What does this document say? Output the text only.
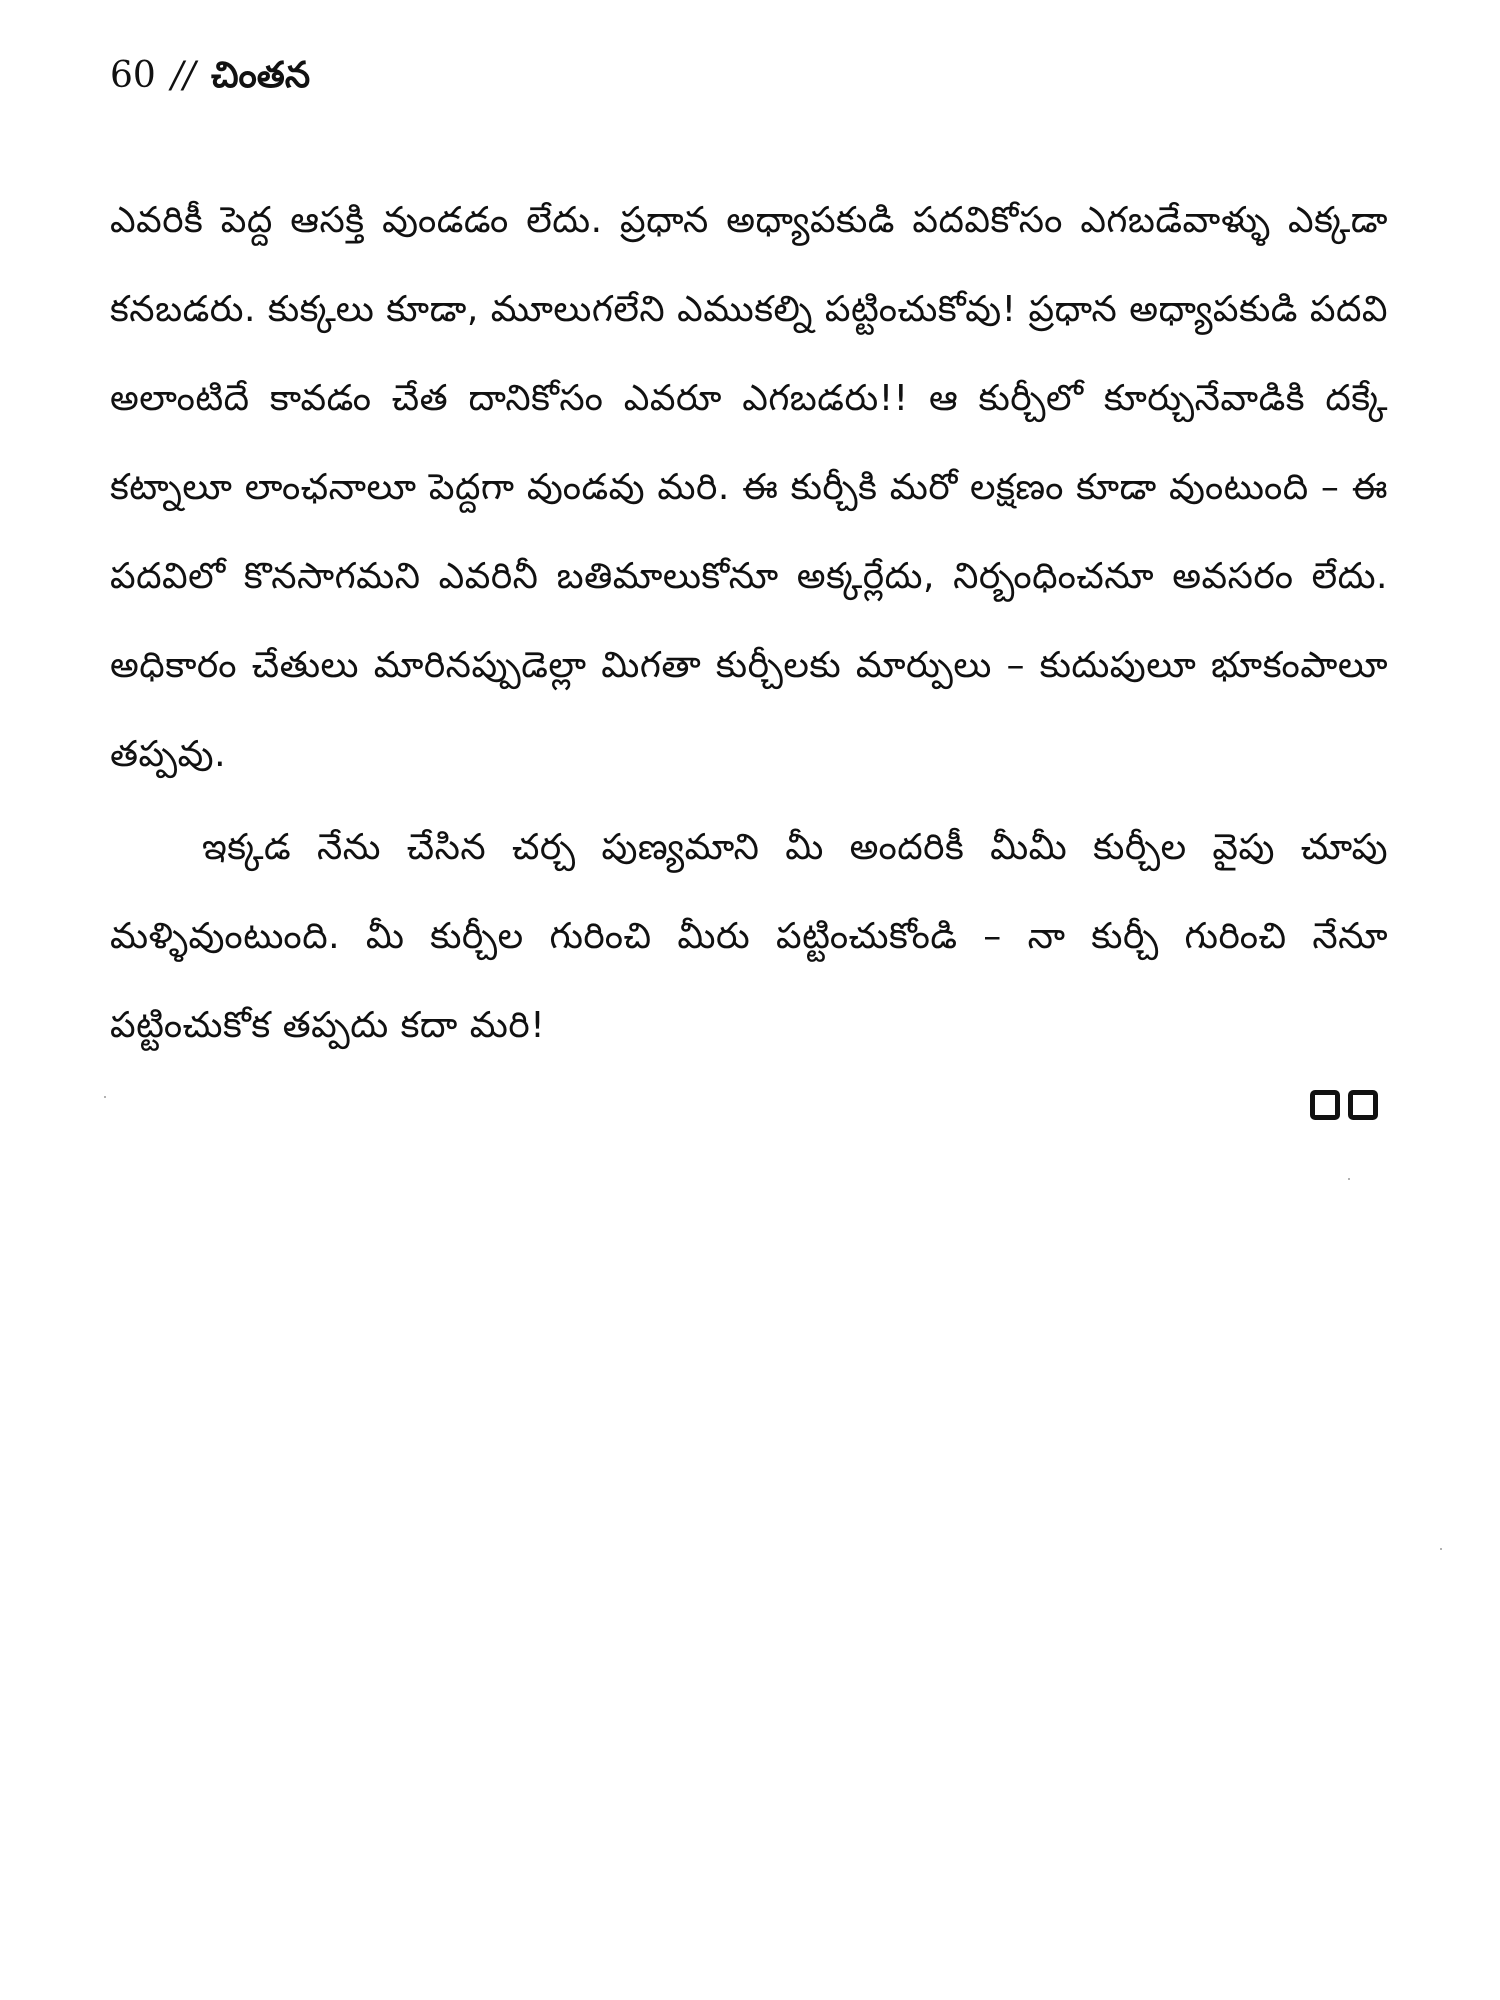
60 // చింతన

ఎవరికీ పెద్ద ఆసక్తి వుండడం లేదు. ప్రధాన అధ్యాపకుడి పదవికోసం ఎగబడేవాళ్ళు ఎక్కడా కనబడరు. కుక్కలు కూడా, మూలుగలేని ఎముకల్ని పట్టించుకోవు! ప్రధాన అధ్యాపకుడి పదవి అలాంటిదే కావడం చేత దానికోసం ఎవరూ ఎగబడరు!! ఆ కుర్చీలో కూర్చునేవాడికి దక్కే కట్నాలూ లాంఛనాలూ పెద్దగా వుండవు మరి. ఈ కుర్చీకి మరో లక్షణం కూడా వుంటుంది – ఈ పదవిలో కొనసాగమని ఎవరినీ బతిమాలుకోనూ అక్కర్లేదు, నిర్బంధించనూ అవసరం లేదు. అధికారం చేతులు మారినప్పుడెల్లా మిగతా కుర్చీలకు మార్పులు – కుదుపులూ భూకంపాలూ తప్పవు.

ఇక్కడ నేను చేసిన చర్చ పుణ్యమాని మీ అందరికీ మీమీ కుర్చీల వైపు చూపు మళ్ళివుంటుంది. మీ కుర్చీల గురించి మీరు పట్టించుకోండి – నా కుర్చీ గురించి నేనూ పట్టించుకోక తప్పదు కదా మరి!
